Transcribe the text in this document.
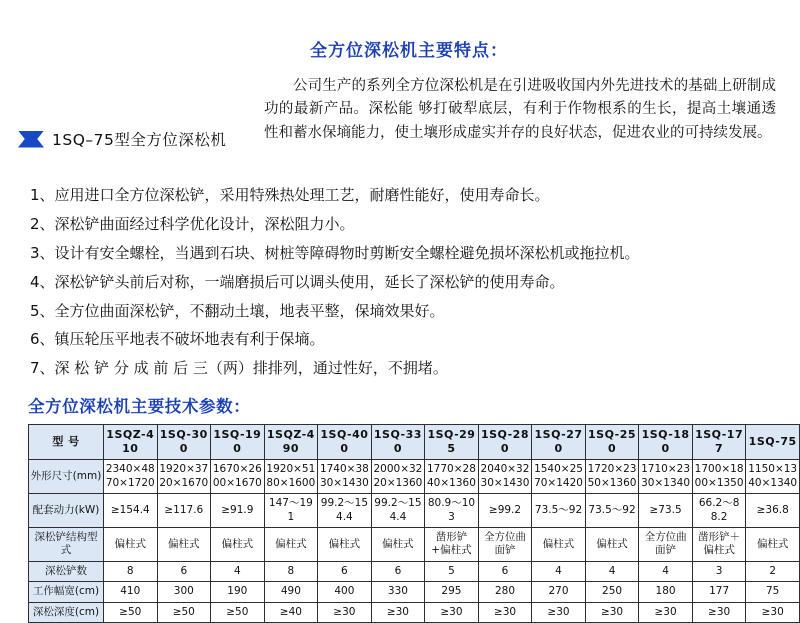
全方位深松机主要特点：
公司生产的系列全方位深松机是在引进吸收国内外先进技术的基础上研制成功的最新产品。深松能 够打破犁底层，有利于作物根系的生长，提高土壤通透性和蓄水保墒能力，使土壤形成虚实并存的良好状态，促进农业的可持续发展。
1SQ–75型全方位深松机
1、应用进口全方位深松铲，采用特殊热处理工艺，耐磨性能好，使用寿命长。
2、深松铲曲面经过科学优化设计，深松阻力小。
3、设计有安全螺栓，当遇到石块、树桩等障碍物时剪断安全螺栓避免损坏深松机或拖拉机。
4、深松铲铲头前后对称，一端磨损后可以调头使用，延长了深松铲的使用寿命。
5、全方位曲面深松铲，不翻动土壤，地表平整，保墒效果好。
6、镇压轮压平地表不破坏地表有利于保墒。
7、深 松 铲 分 成 前 后 三（两）排排列，通过性好，不拥堵。
全方位深松机主要技术参数：
型 号	1SQZ-410	1SQ-300	1SQ-190	1SQZ-490	1SQ-400	1SQ-330	1SQ-295	1SQ-280	1SQ-270	1SQ-250	1SQ-180	1SQ-177	1SQ-75
外形尺寸(mm)	2340×4870×1720	1920×3720×1670	1670×2600×1670	1920×5180×1600	1740×3830×1430	2000×3220×1360	1770×2840×1360	2040×3230×1430	1540×2570×1420	1720×2350×1360	1710×2330×1340	1700×1800×1350	1150×1340×1340
配套动力(kW)	≥154.4	≥117.6	≥91.9	147～191	99.2～154.4	99.2～154.4	80.9～103	≥99.2	73.5～92	73.5～92	≥73.5	66.2～88.2	≥36.8
深松铲结构型式	偏柱式	偏柱式	偏柱式	偏柱式	偏柱式	偏柱式	凿形铲+偏柱式	全方位曲面铲	偏柱式	偏柱式	全方位曲面铲	凿形铲＋偏柱式	偏柱式
深松铲数	8	6	4	8	6	6	5	6	4	4	4	3	2
工作幅宽(cm)	410	300	190	490	400	330	295	280	270	250	180	177	75
深松深度(cm)	≥50	≥50	≥50	≥40	≥30	≥30	≥30	≥30	≥30	≥30	≥30	≥30	≥30
